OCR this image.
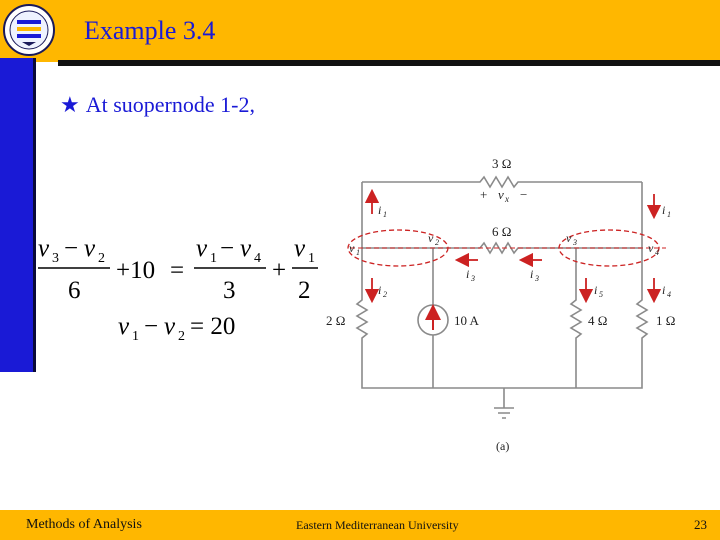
Example 3.4
★ At suopernode 1-2,
v 3 − v 2
6
+10 =
v 1 − v 4
3
+
v 1
2
v 1 − v 2 = 20	10 A
3 Ω
6 Ω
2 Ω	4 Ω	1 Ω
+ v x −
v 1
v 2	v 3	v 4
i 1	i 1
i 2
i 3	i 3
i 5	i 4
(a)
Methods of Analysis	Eastern Mediterranean University	23
